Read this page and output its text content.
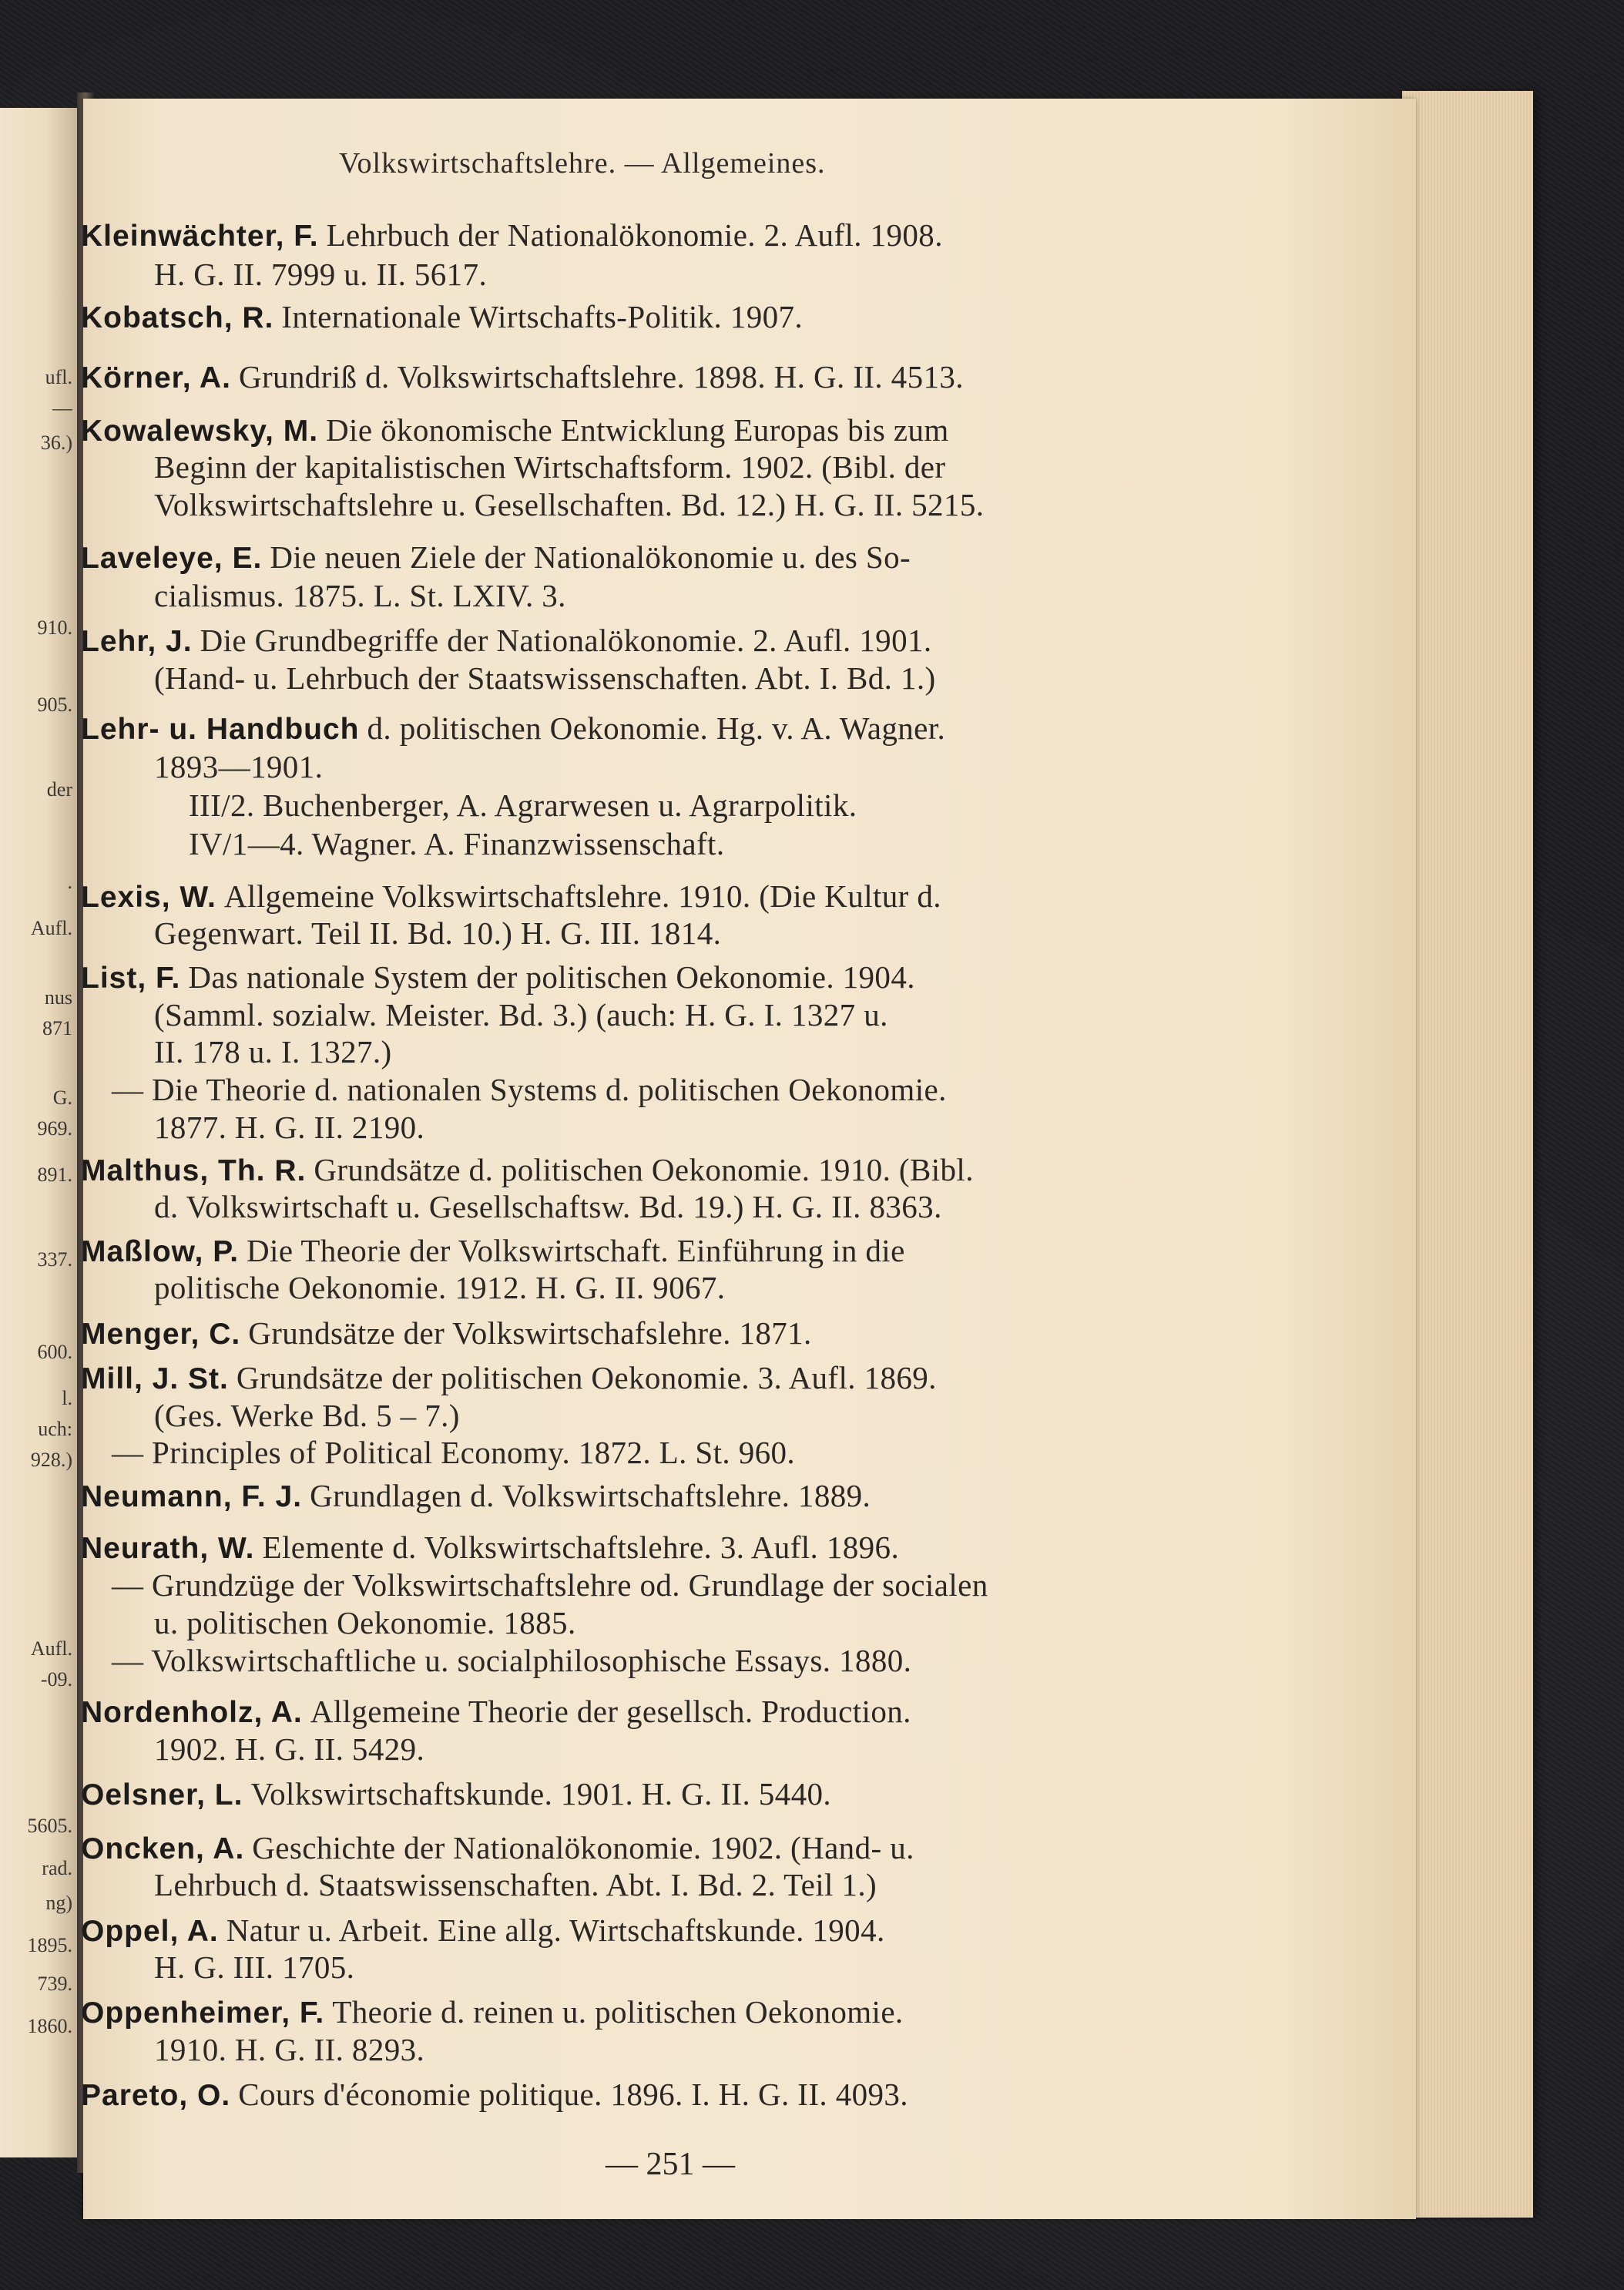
ufl.
—
36.)
910.
905.
der
.
Aufl.
nus
871
G.
969.
891.
337.
600.
l.
uch:
928.)
Aufl.
-09.
5605.
rad.
ng)
1895.
739.
1860.
Volkswirtschaftslehre. — Allgemeines.
Kleinwächter, F. Lehrbuch der Nationalökonomie. 2. Aufl. 1908.
H. G. II. 7999 u. II. 5617.
Kobatsch, R. Internationale Wirtschafts-Politik. 1907.
Körner, A. Grundriß d. Volkswirtschaftslehre. 1898. H. G. II. 4513.
Kowalewsky, M. Die ökonomische Entwicklung Europas bis zum
Beginn der kapitalistischen Wirtschaftsform. 1902. (Bibl. der
Volkswirtschaftslehre u. Gesellschaften. Bd. 12.) H. G. II. 5215.
Laveleye, E. Die neuen Ziele der Nationalökonomie u. des So-
cialismus. 1875. L. St. LXIV. 3.
Lehr, J. Die Grundbegriffe der Nationalökonomie. 2. Aufl. 1901.
(Hand- u. Lehrbuch der Staatswissenschaften. Abt. I. Bd. 1.)
Lehr- u. Handbuch d. politischen Oekonomie. Hg. v. A. Wagner.
1893—1901.
III/2. Buchenberger, A. Agrarwesen u. Agrarpolitik.
IV/1—4. Wagner. A. Finanzwissenschaft.
Lexis, W. Allgemeine Volkswirtschaftslehre. 1910. (Die Kultur d.
Gegenwart. Teil II. Bd. 10.) H. G. III. 1814.
List, F. Das nationale System der politischen Oekonomie. 1904.
(Samml. sozialw. Meister. Bd. 3.) (auch: H. G. I. 1327 u.
II. 178 u. I. 1327.)
— Die Theorie d. nationalen Systems d. politischen Oekonomie.
1877. H. G. II. 2190.
Malthus, Th. R. Grundsätze d. politischen Oekonomie. 1910. (Bibl.
d. Volkswirtschaft u. Gesellschaftsw. Bd. 19.) H. G. II. 8363.
Maßlow, P. Die Theorie der Volkswirtschaft. Einführung in die
politische Oekonomie. 1912. H. G. II. 9067.
Menger, C. Grundsätze der Volkswirtschafslehre. 1871.
Mill, J. St. Grundsätze der politischen Oekonomie. 3. Aufl. 1869.
(Ges. Werke Bd. 5 – 7.)
— Principles of Political Economy. 1872. L. St. 960.
Neumann, F. J. Grundlagen d. Volkswirtschaftslehre. 1889.
Neurath, W. Elemente d. Volkswirtschaftslehre. 3. Aufl. 1896.
— Grundzüge der Volkswirtschaftslehre od. Grundlage der socialen
u. politischen Oekonomie. 1885.
— Volkswirtschaftliche u. socialphilosophische Essays. 1880.
Nordenholz, A. Allgemeine Theorie der gesellsch. Production.
1902. H. G. II. 5429.
Oelsner, L. Volkswirtschaftskunde. 1901. H. G. II. 5440.
Oncken, A. Geschichte der Nationalökonomie. 1902. (Hand- u.
Lehrbuch d. Staatswissenschaften. Abt. I. Bd. 2. Teil 1.)
Oppel, A. Natur u. Arbeit. Eine allg. Wirtschaftskunde. 1904.
H. G. III. 1705.
Oppenheimer, F. Theorie d. reinen u. politischen Oekonomie.
1910. H. G. II. 8293.
Pareto, O. Cours d'économie politique. 1896. I. H. G. II. 4093.
— 251 —
